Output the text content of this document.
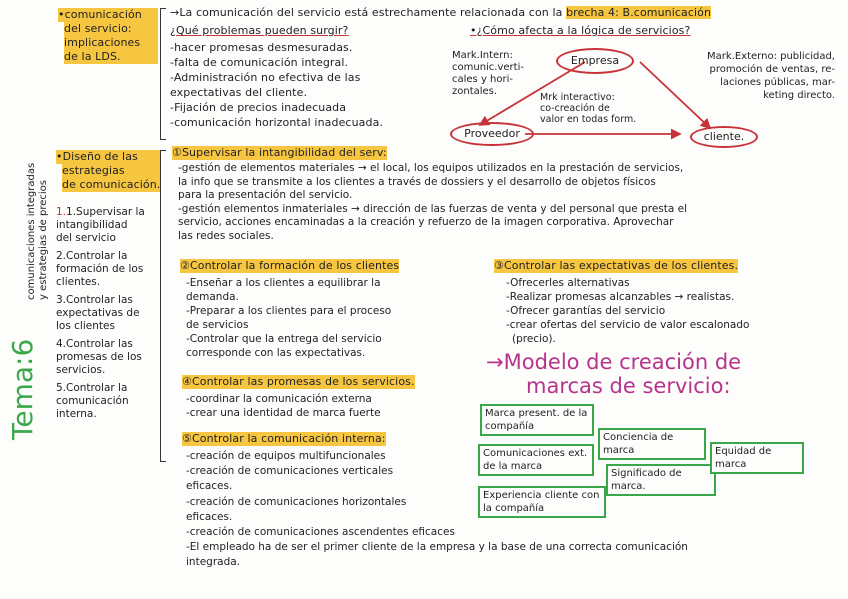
Tema:6
comunicaciones integradas y estrategias de precios
•comunicación
del servicio:
implicaciones
de la LDS.
→La comunicación del servicio está estrechamente relacionada con la brecha 4: B.comunicación
¿Qué problemas pueden surgir?
-hacer promesas desmesuradas.
-falta de comunicación integral.
-Administración no efectiva de las
expectativas del cliente.
-Fijación de precios inadecuada
-comunicación horizontal inadecuada.
•¿Cómo afecta a la lógica de servicios?
Empresa
Proveedor	cliente.
Mark.Intern:
comunic.verti-
cales y hori-
zontales.
Mark.Externo: publicidad,
promoción de ventas, re-
laciones públicas, mar-
keting directo.
Mrk interactivo:
co-creación de
valor en todas form.
•Diseño de las
estrategias
de comunicación.
1.1.Supervisar la
intangibilidad
del servicio
2.Controlar la
formación de los
clientes.
3.Controlar las
expectativas de
los clientes
4.Controlar las
promesas de los
servicios.
5.Controlar la
comunicación
interna.
①Supervisar la intangibilidad del serv:
-gestión de elementos materiales → el local, los equipos utilizados en la prestación de servicios,
la info que se transmite a los clientes a través de dossiers y el desarrollo de objetos físicos
para la presentación del servicio.
-gestión elementos inmateriales → dirección de las fuerzas de venta y del personal que presta el
servicio, acciones encaminadas a la creación y refuerzo de la imagen corporativa. Aprovechar
las redes sociales.
②Controlar la formación de los clientes
-Enseñar a los clientes a equilibrar la
demanda.
-Preparar a los clientes para el proceso
de servicios
-Controlar que la entrega del servicio
corresponde con las expectativas.
③Controlar las expectativas de los clientes.
-Ofrecerles alternativas
-Realizar promesas alcanzables → realistas.
-Ofrecer garantías del servicio
-crear ofertas del servicio de valor escalonado
(precio).
④Controlar las promesas de los servicios.
-coordinar la comunicación externa
-crear una identidad de marca fuerte
⑤Controlar la comunicación interna:
-creación de equipos multifuncionales
-creación de comunicaciones verticales
eficaces.
-creación de comunicaciones horizontales
eficaces.
-creación de comunicaciones ascendentes eficaces
-El empleado ha de ser el primer cliente de la empresa y la base de una correcta comunicación
integrada.
→Modelo de creación de
marcas de servicio:
Marca present. de la compañía
Comunicaciones ext. de la marca
Experiencia cliente con la compañía
Conciencia de marca
Significado de marca.
Equidad de marca
